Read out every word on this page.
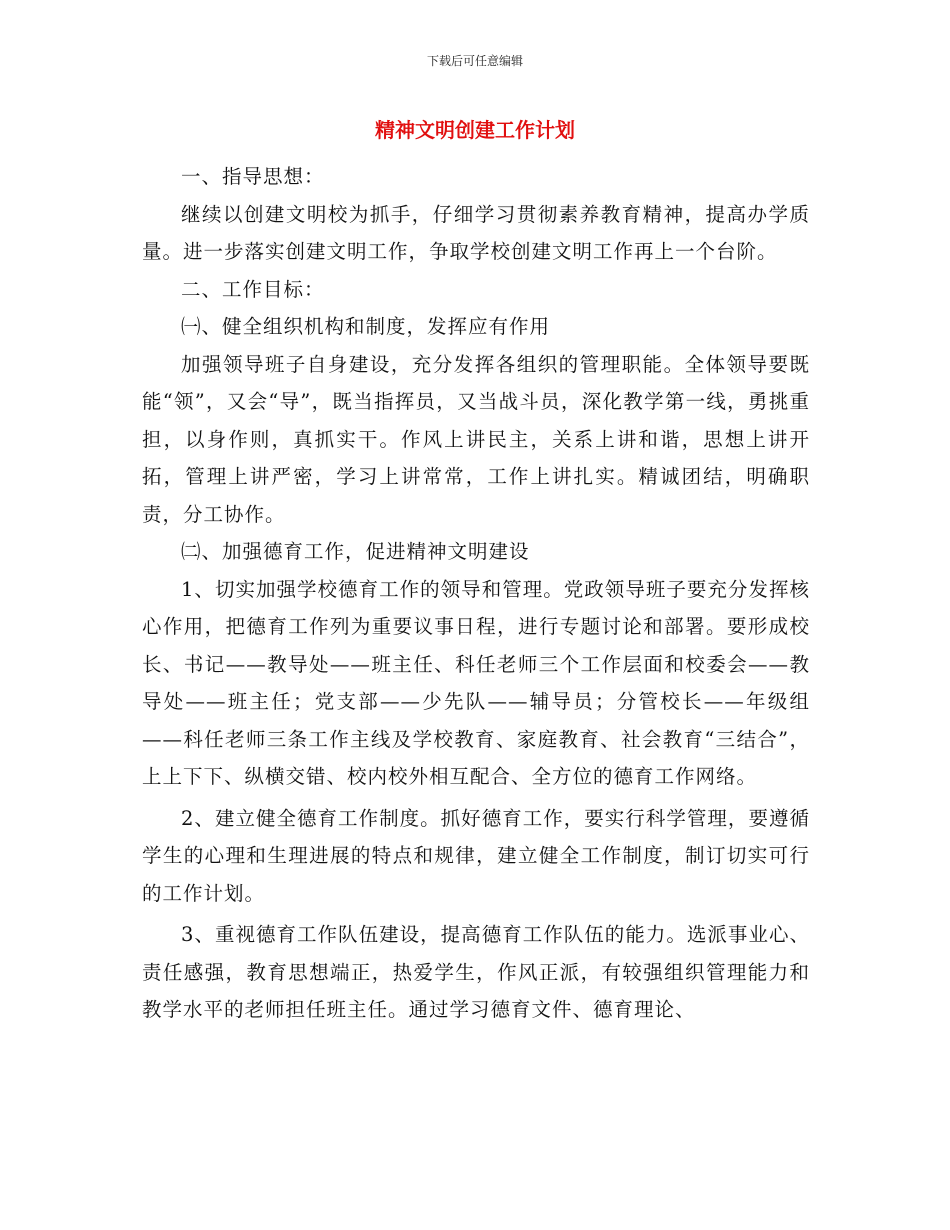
下载后可任意编辑
精神文明创建工作计划

一、指导思想：

继续以创建文明校为抓手，仔细学习贯彻素养教育精神，提高办学质量。进一步落实创建文明工作，争取学校创建文明工作再上一个台阶。

二、工作目标：

㈠、健全组织机构和制度，发挥应有作用

加强领导班子自身建设，充分发挥各组织的管理职能。全体领导要既能“领”，又会“导”，既当指挥员，又当战斗员，深化教学第一线，勇挑重担，以身作则，真抓实干。作风上讲民主，关系上讲和谐，思想上讲开拓，管理上讲严密，学习上讲常常，工作上讲扎实。精诚团结，明确职责，分工协作。

㈡、加强德育工作，促进精神文明建设

1、切实加强学校德育工作的领导和管理。党政领导班子要充分发挥核心作用，把德育工作列为重要议事日程，进行专题讨论和部署。要形成校长、书记——教导处——班主任、科任老师三个工作层面和校委会——教导处——班主任；党支部——少先队——辅导员；分管校长——年级组——科任老师三条工作主线及学校教育、家庭教育、社会教育“三结合”，上上下下、纵横交错、校内校外相互配合、全方位的德育工作网络。

2、建立健全德育工作制度。抓好德育工作，要实行科学管理，要遵循学生的心理和生理进展的特点和规律，建立健全工作制度，制订切实可行的工作计划。

3、重视德育工作队伍建设，提高德育工作队伍的能力。选派事业心、责任感强，教育思想端正，热爱学生，作风正派，有较强组织管理能力和教学水平的老师担任班主任。通过学习德育文件、德育理论、
